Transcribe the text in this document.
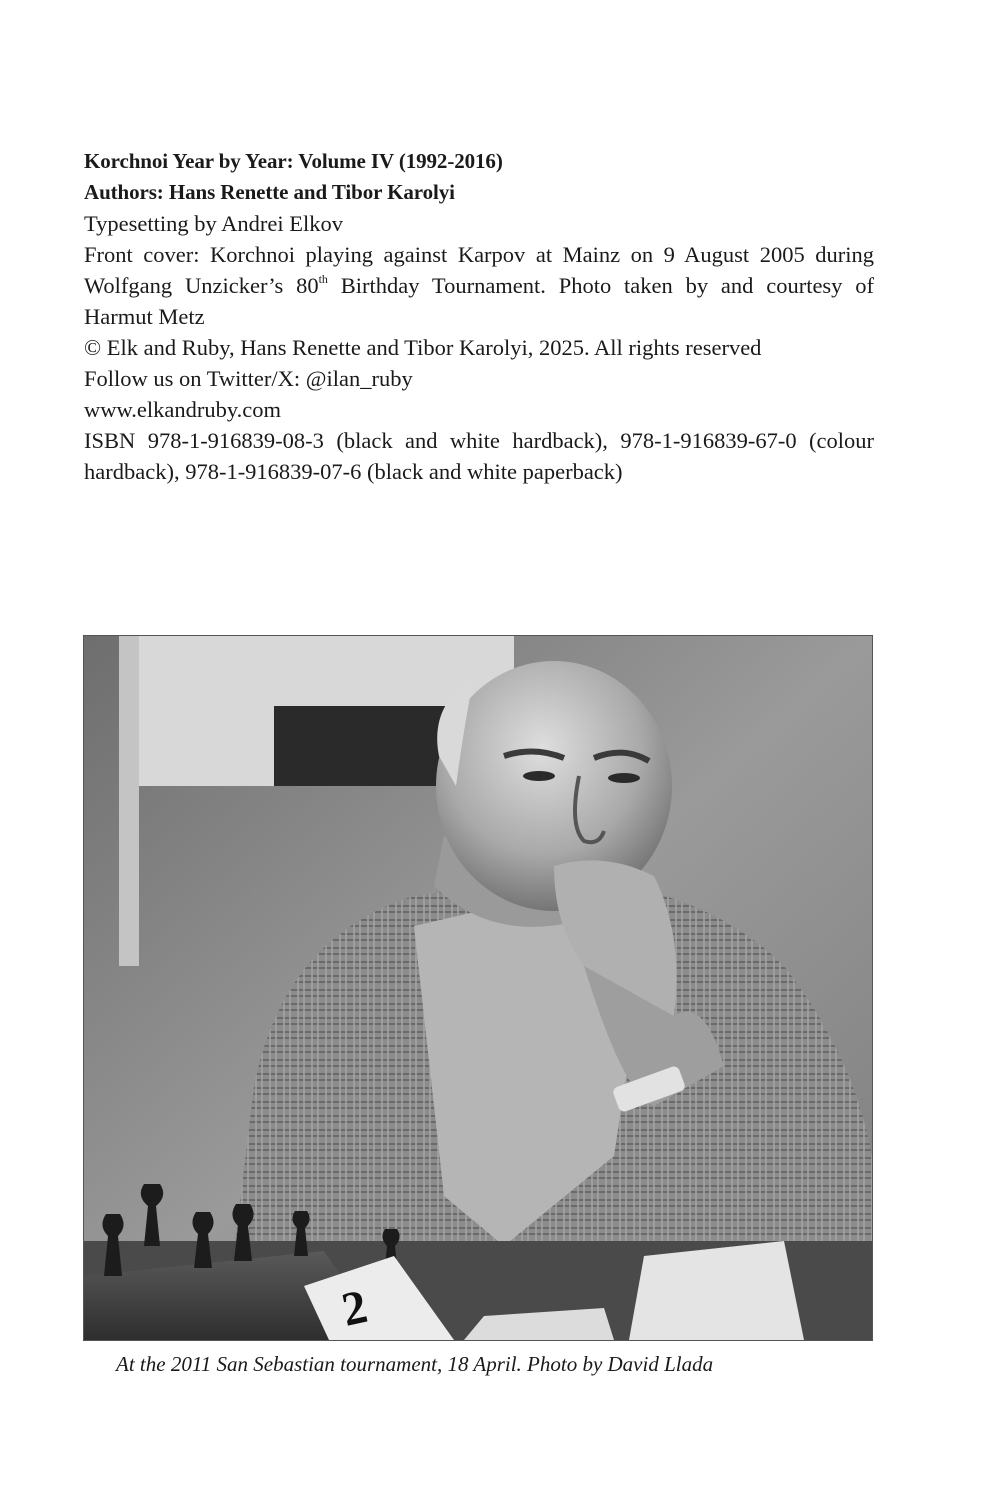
Korchnoi Year by Year: Volume IV (1992-2016)

Authors: Hans Renette and Tibor Karolyi

Typesetting by Andrei Elkov

Front cover: Korchnoi playing against Karpov at Mainz on 9 August 2005 during Wolfgang Unzicker’s 80th Birthday Tournament. Photo taken by and courtesy of Harmut Metz

© Elk and Ruby, Hans Renette and Tibor Karolyi, 2025. All rights reserved

Follow us on Twitter/X: @ilan_ruby

www.elkandruby.com

ISBN 978-1-916839-08-3 (black and white hardback), 978-1-916839-67-0 (colour hardback), 978-1-916839-07-6 (black and white paperback)

2
At the 2011 San Sebastian tournament, 18 April. Photo by David Llada
